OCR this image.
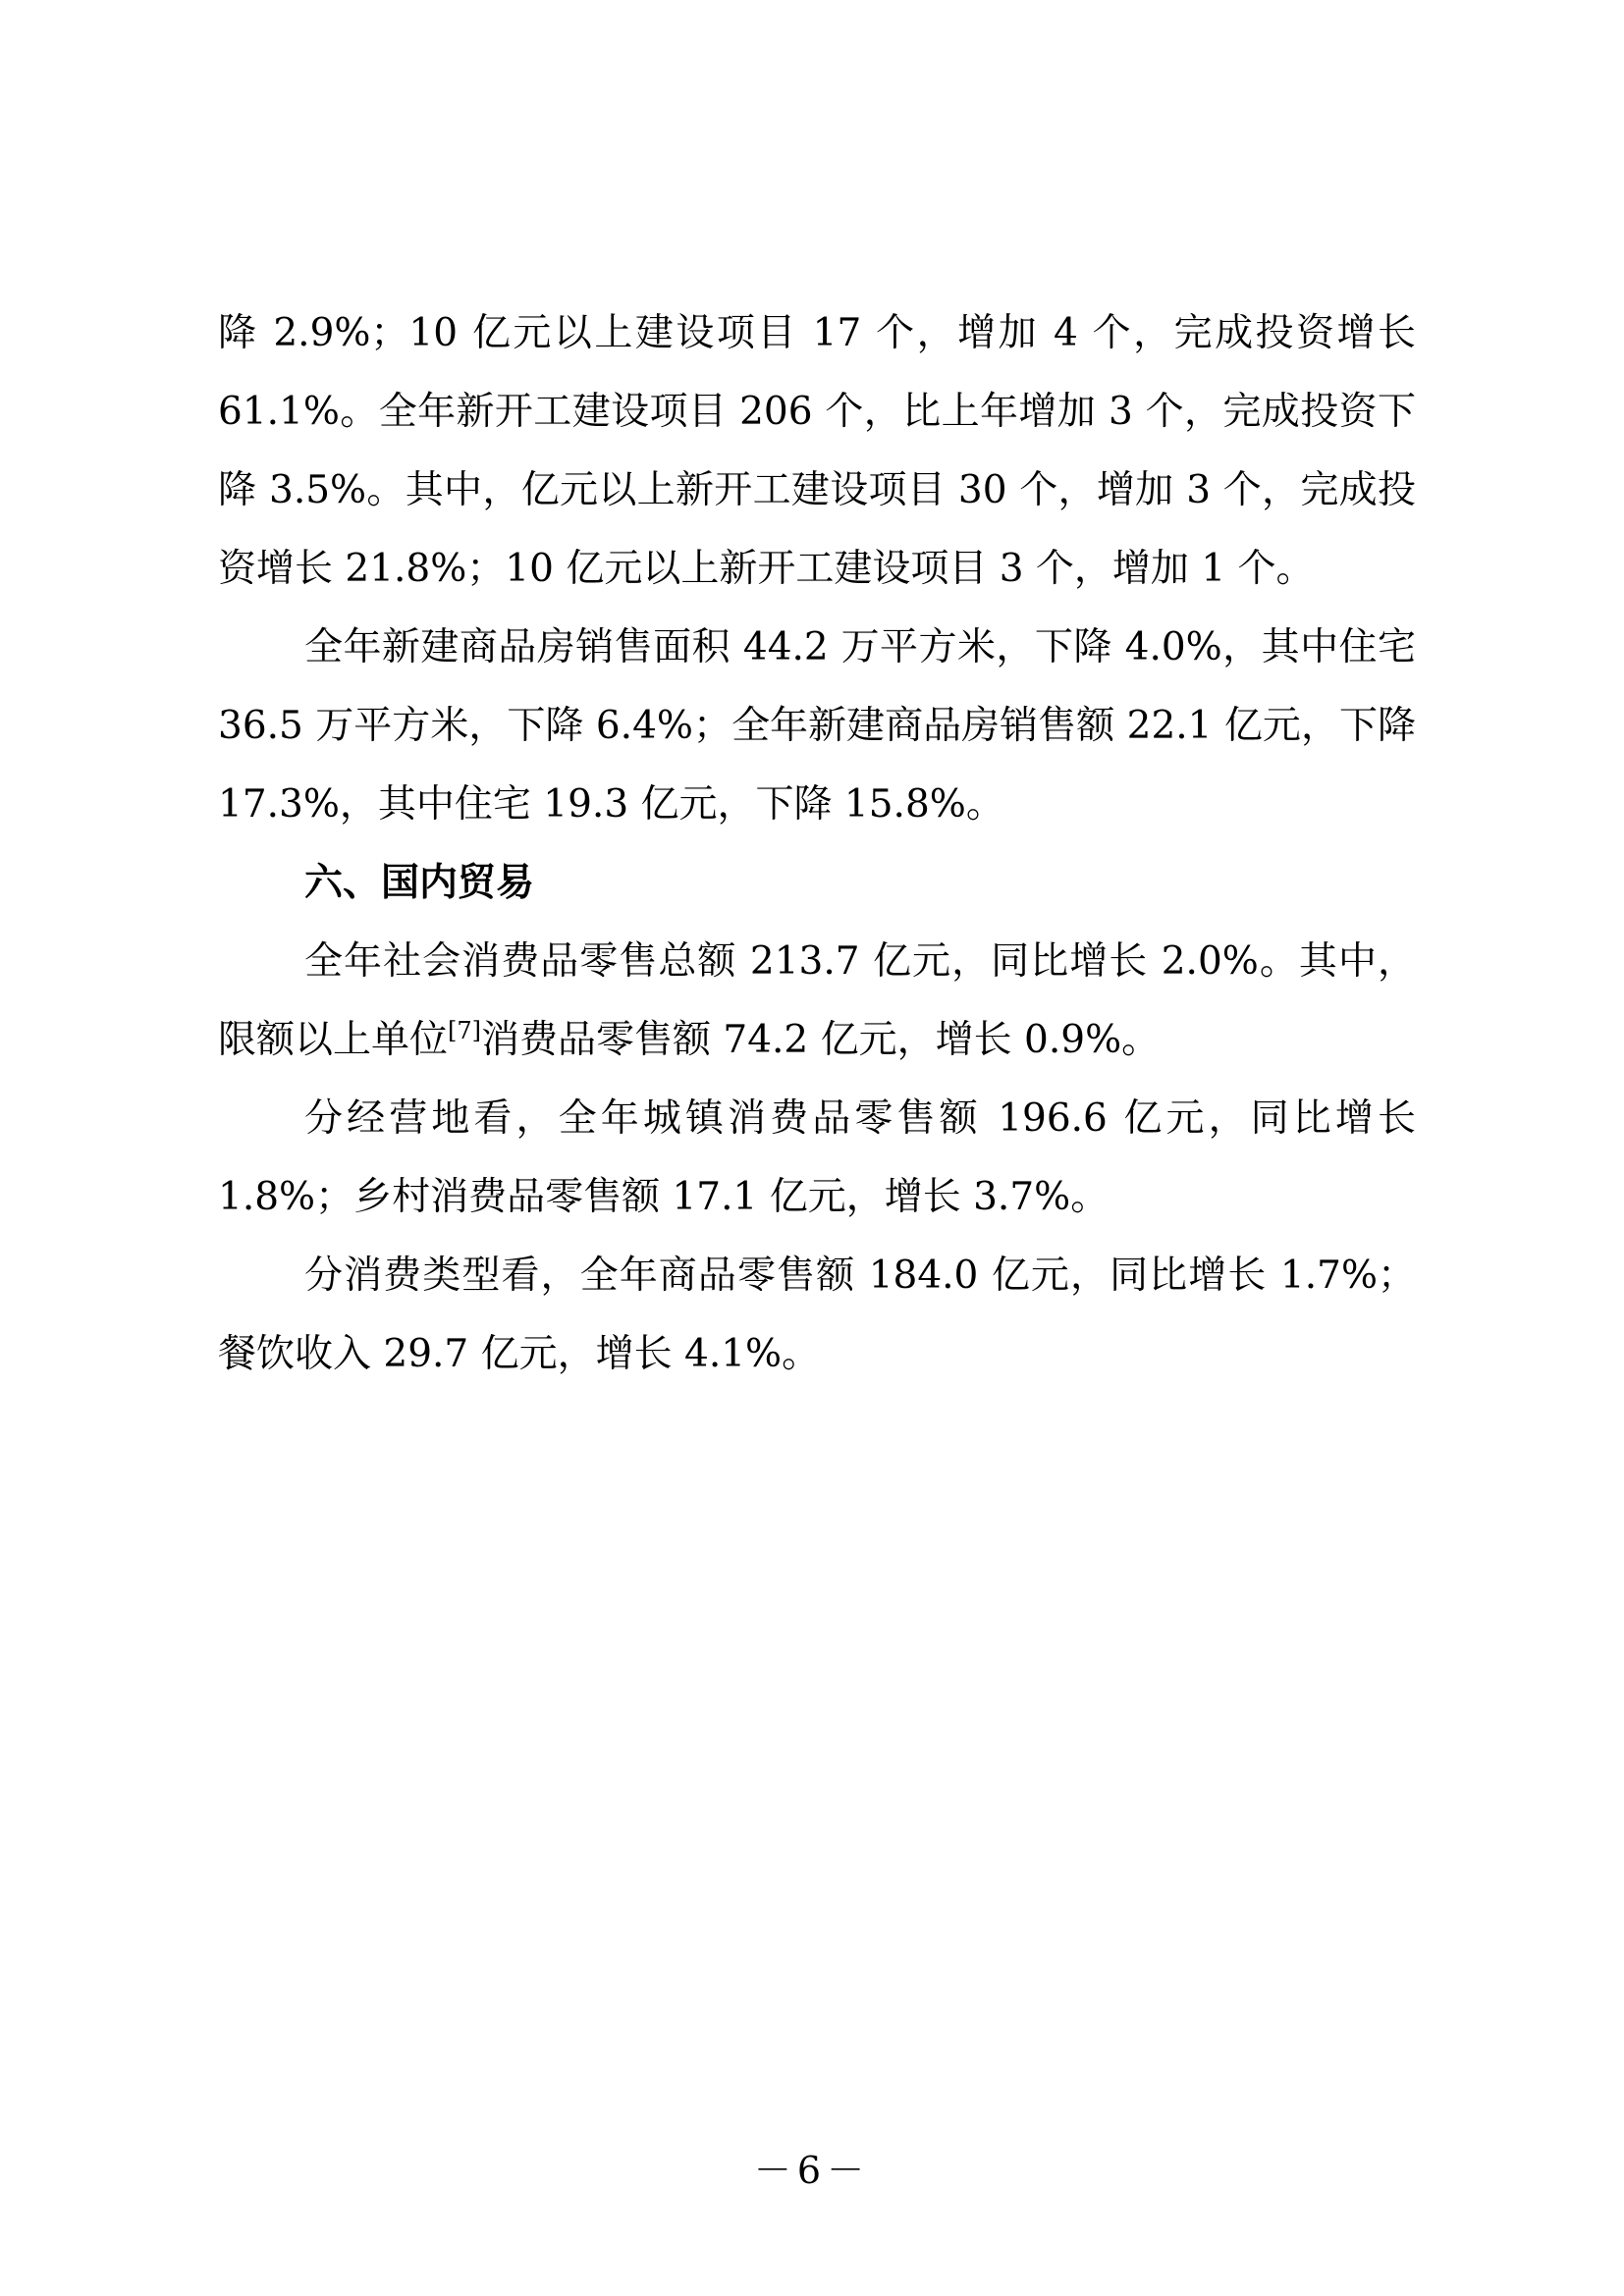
降 2.9%；10 亿元以上建设项目 17 个，增加 4 个，完成投资增长 61.1%。全年新开工建设项目 206 个，比上年增加 3 个，完成投资下降 3.5%。其中，亿元以上新开工建设项目 30 个，增加 3 个，完成投资增长 21.8%；10 亿元以上新开工建设项目 3 个，增加 1 个。

全年新建商品房销售面积 44.2 万平方米，下降 4.0%，其中住宅 36.5 万平方米，下降 6.4%；全年新建商品房销售额 22.1 亿元，下降 17.3%，其中住宅 19.3 亿元，下降 15.8%。

六、国内贸易

全年社会消费品零售总额 213.7 亿元，同比增长 2.0%。其中，限额以上单位[7]消费品零售额 74.2 亿元，增长 0.9%。

分经营地看，全年城镇消费品零售额 196.6 亿元，同比增长 1.8%；乡村消费品零售额 17.1 亿元，增长 3.7%。

分消费类型看，全年商品零售额 184.0 亿元，同比增长 1.7%；餐饮收入 29.7 亿元，增长 4.1%。

－6－
